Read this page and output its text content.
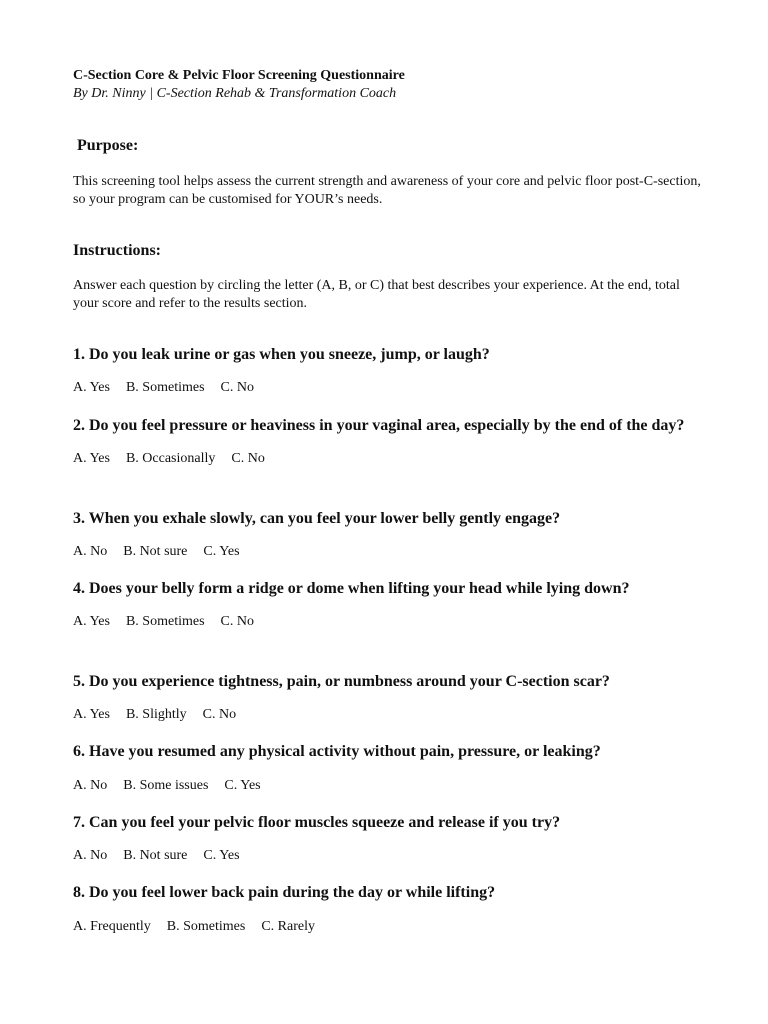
C-Section Core & Pelvic Floor Screening Questionnaire
By Dr. Ninny | C-Section Rehab & Transformation Coach
Purpose:
This screening tool helps assess the current strength and awareness of your core and pelvic floor post-C-section, so your program can be customised for YOUR’s needs.
Instructions:
Answer each question by circling the letter (A, B, or C) that best describes your experience. At the end, total your score and refer to the results section.

1. Do you leak urine or gas when you sneeze, jump, or laugh?

A. Yes B. Sometimes C. No

2. Do you feel pressure or heaviness in your vaginal area, especially by the end of the day?

A. Yes B. Occasionally C. No

3. When you exhale slowly, can you feel your lower belly gently engage?

A. No B. Not sure C. Yes

4. Does your belly form a ridge or dome when lifting your head while lying down?

A. Yes B. Sometimes C. No

5. Do you experience tightness, pain, or numbness around your C-section scar?

A. Yes B. Slightly C. No

6. Have you resumed any physical activity without pain, pressure, or leaking?

A. No B. Some issues C. Yes

7. Can you feel your pelvic floor muscles squeeze and release if you try?

A. No B. Not sure C. Yes

8. Do you feel lower back pain during the day or while lifting?

A. Frequently B. Sometimes C. Rarely
